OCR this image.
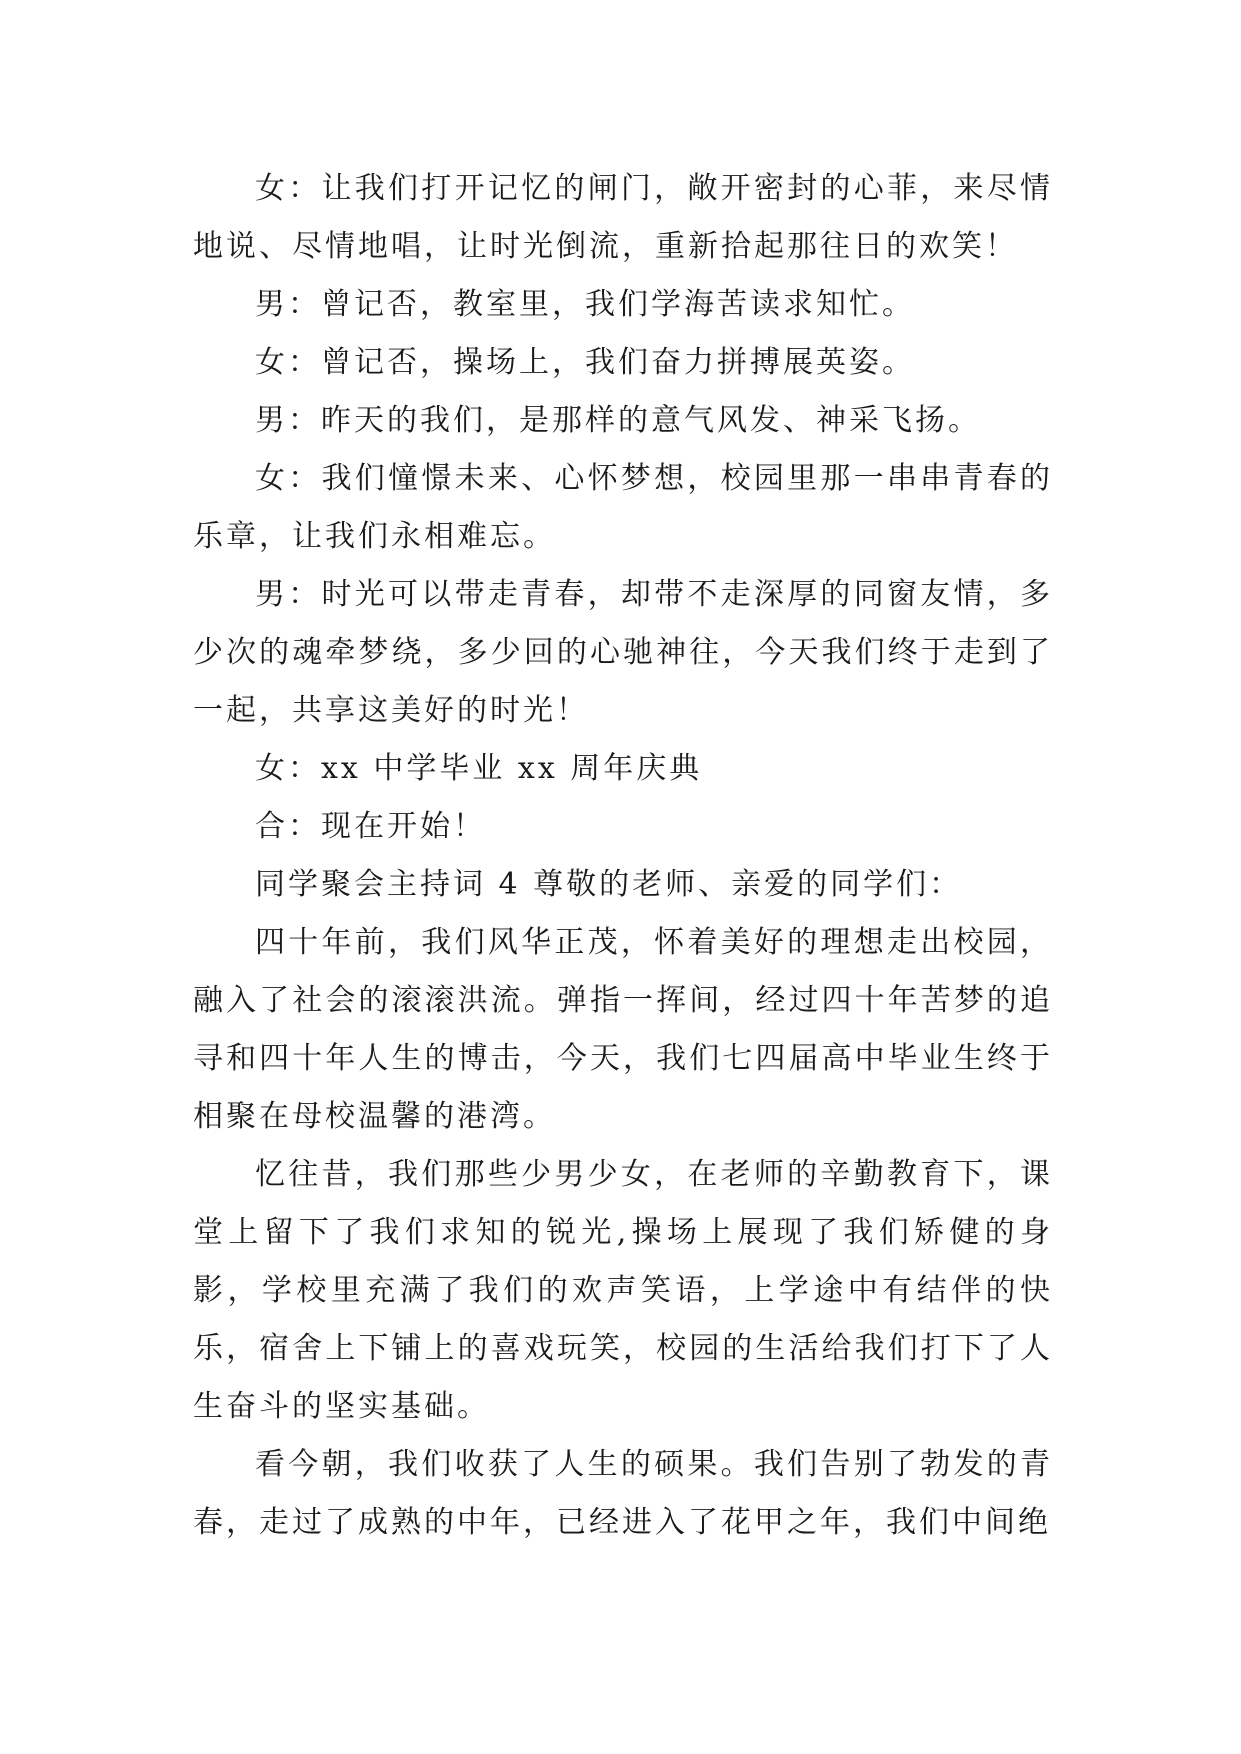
女：让我们打开记忆的闸门，敞开密封的心菲，来尽情地说、尽情地唱，让时光倒流，重新拾起那往日的欢笑！

男：曾记否，教室里，我们学海苦读求知忙。

女：曾记否，操场上，我们奋力拼搏展英姿。

男：昨天的我们，是那样的意气风发、神采飞扬。

女：我们憧憬未来、心怀梦想，校园里那一串串青春的乐章，让我们永相难忘。

男：时光可以带走青春，却带不走深厚的同窗友情，多少次的魂牵梦绕，多少回的心驰神往，今天我们终于走到了一起，共享这美好的时光！

女：xx 中学毕业 xx 周年庆典

合：现在开始！

同学聚会主持词 4 尊敬的老师、亲爱的同学们：

四十年前，我们风华正茂，怀着美好的理想走出校园，融入了社会的滚滚洪流。弹指一挥间，经过四十年苦梦的追寻和四十年人生的博击，今天，我们七四届高中毕业生终于相聚在母校温馨的港湾。

忆往昔，我们那些少男少女，在老师的辛勤教育下，课堂上留下了我们求知的锐光,操场上展现了我们矫健的身影，学校里充满了我们的欢声笑语，上学途中有结伴的快乐，宿舍上下铺上的喜戏玩笑，校园的生活给我们打下了人生奋斗的坚实基础。

看今朝，我们收获了人生的硕果。我们告别了勃发的青春，走过了成熟的中年，已经进入了花甲之年，我们中间绝
